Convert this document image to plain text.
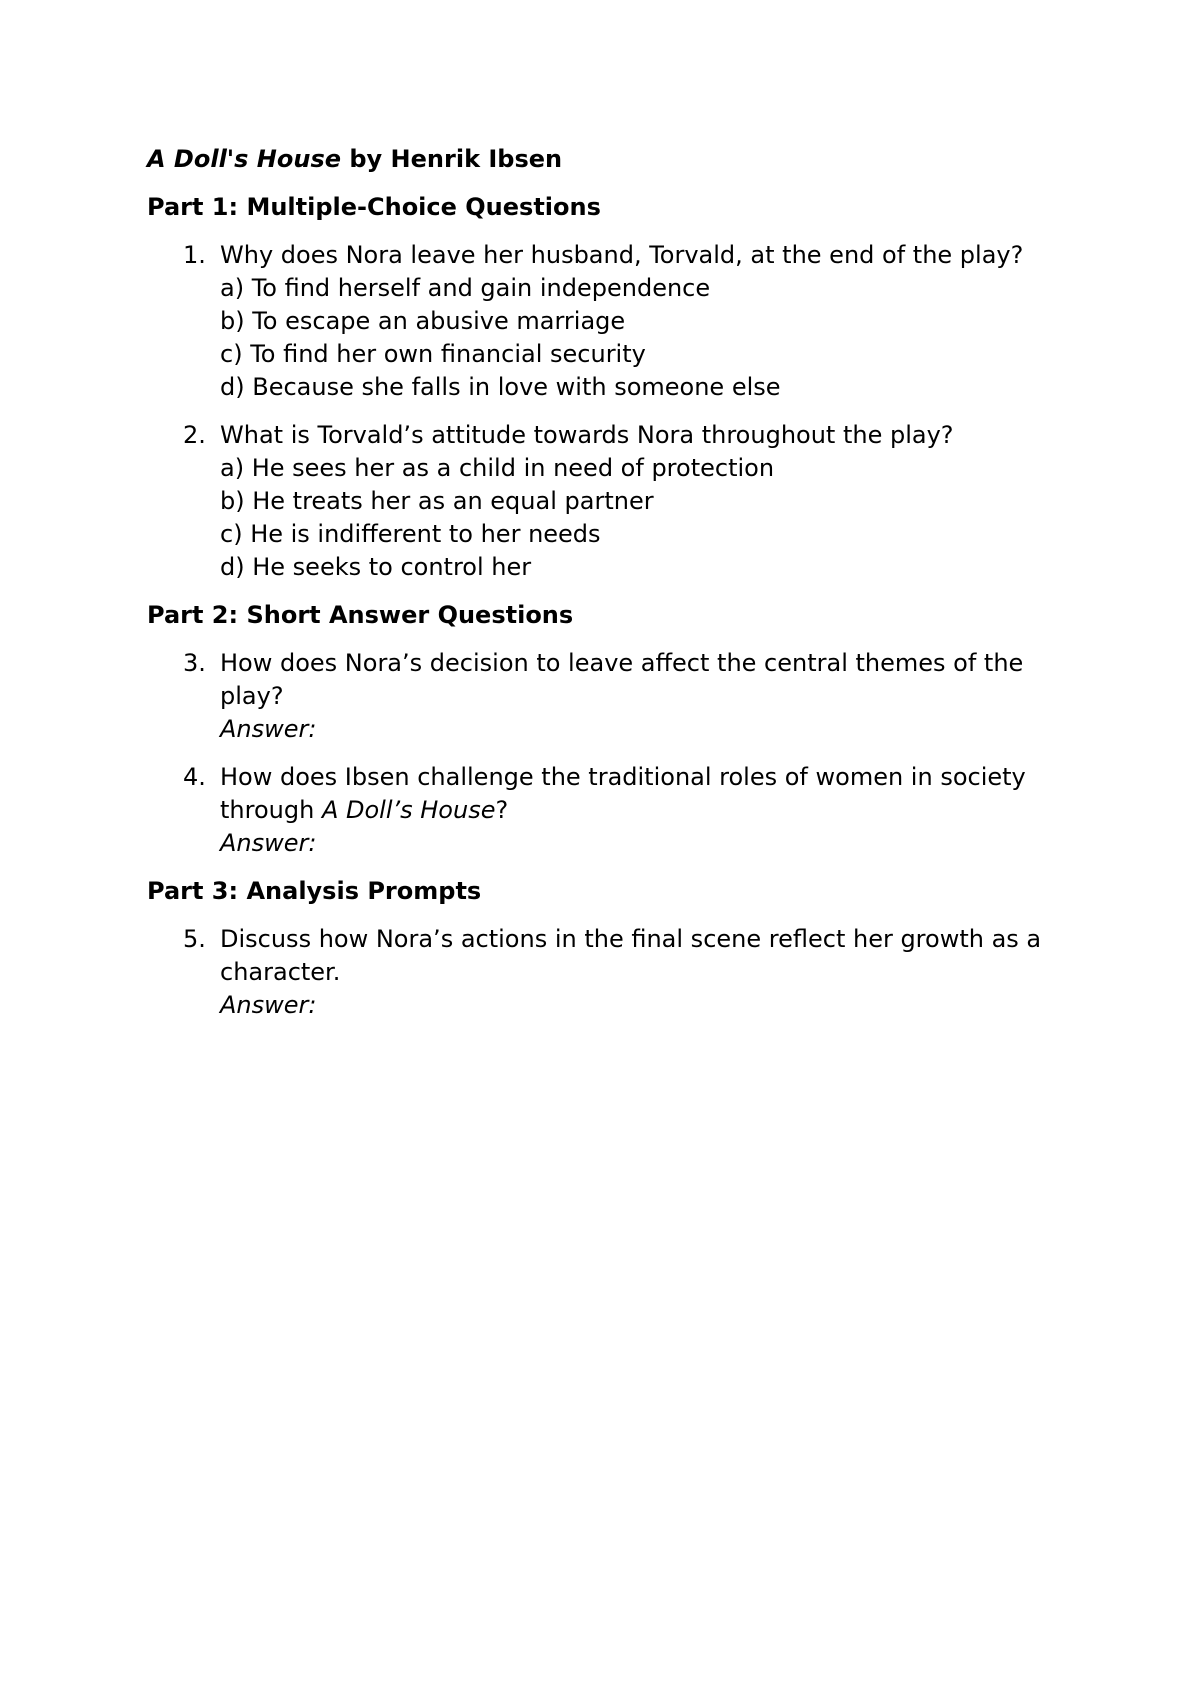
A Doll's House by Henrik Ibsen
Part 1: Multiple-Choice Questions
1. Why does Nora leave her husband, Torvald, at the end of the play?
a) To find herself and gain independence
b) To escape an abusive marriage
c) To find her own financial security
d) Because she falls in love with someone else
2. What is Torvald’s attitude towards Nora throughout the play?
a) He sees her as a child in need of protection
b) He treats her as an equal partner
c) He is indifferent to her needs
d) He seeks to control her
Part 2: Short Answer Questions
3. How does Nora’s decision to leave affect the central themes of the
play?
Answer:
4. How does Ibsen challenge the traditional roles of women in society
through A Doll’s House?
Answer:
Part 3: Analysis Prompts
5. Discuss how Nora’s actions in the final scene reflect her growth as a
character.
Answer:
